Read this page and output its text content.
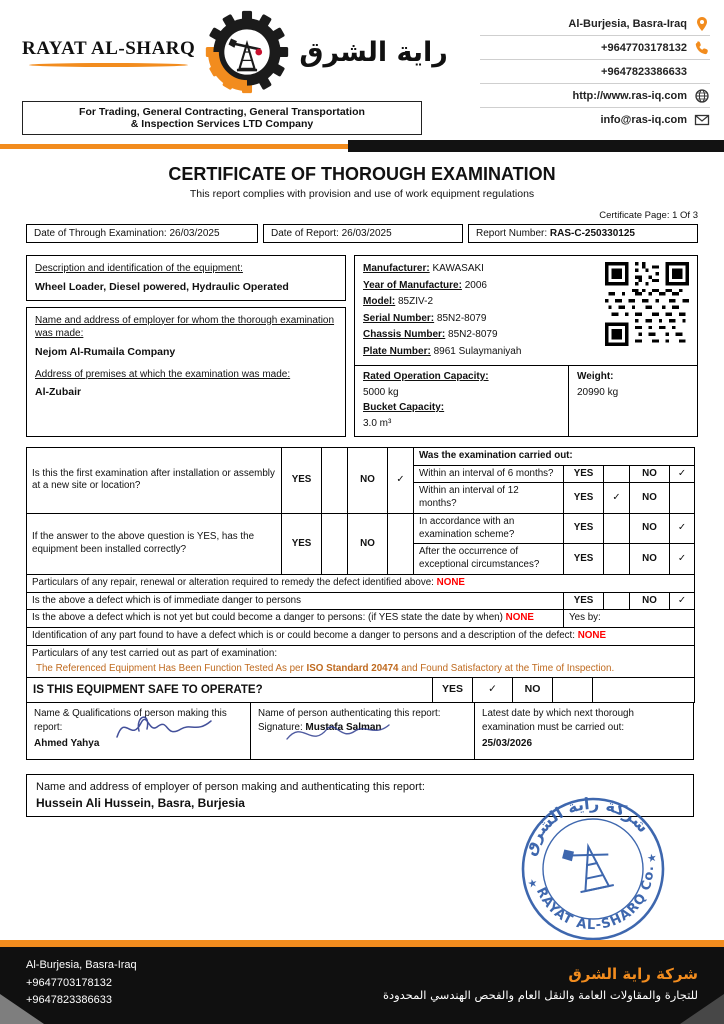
RAYAT AL-SHARQ	راية الشرق
For Trading, General Contracting, General Transportation
& Inspection Services LTD Company
Al-Burjesia, Basra-Iraq
+9647703178132
+9647823386633
http://www.ras-iq.com
info@ras-iq.com
CERTIFICATE OF THOROUGH EXAMINATION
This report complies with provision and use of work equipment regulations
Certificate Page: 1 Of 3
Date of Through Examination: 26/03/2025	Date of Report: 26/03/2025	Report Number: RAS-C-250330125
Description and identification of the equipment:
Wheel Loader, Diesel powered, Hydraulic Operated
Name and address of employer for whom the thorough examination was made:
Nejom Al-Rumaila Company
Address of premises at which the examination was made:
Al-Zubair
Manufacturer: KAWASAKI
Year of Manufacture: 2006
Model: 85ZIV-2
Serial Number: 85N2-8079
Chassis Number: 85N2-8079
Plate Number: 8961 Sulaymaniyah
Rated Operation Capacity:
5000 kg
Bucket Capacity:
3.0 m³
Weight:
20990 kg
Is this the first examination after installation or assembly at a new site or location?	YES		NO	✓	Was the examination carried out:				
					Within an interval of 6 months?	YES		NO	✓
					Within an interval of 12 months?	YES	✓	NO	
If the answer to the above question is YES, has the equipment been installed correctly?	YES		NO		In accordance with an examination scheme?	YES		NO	✓
					After the occurrence of exceptional circumstances?	YES		NO	✓
Particulars of any repair, renewal or alteration required to remedy the defect identified above: NONE									
Is the above a defect which is of immediate danger to persons						YES		NO	✓
Is the above a defect which is not yet but could become a danger to persons: (if YES state the date by when) NONE						Yes by:			
Identification of any part found to have a defect which is or could become a danger to persons and a description of the defect: NONE									

Particulars of any test carried out as part of examination:
The Referenced Equipment Has Been Function Tested As per ISO Standard 20474 and Found Satisfactory at the Time of Inspection.									

IS THIS EQUIPMENT SAFE TO OPERATE? YES ✓ NO									
Name & Qualifications of person making this report:
Ahmed Yahya
Name of person authenticating this report:
Signature: Mustafa Salman
Latest date by which next thorough examination must be carried out:
25/03/2026
Name and address of employer of person making and authenticating this report:
Hussein Ali Hussein, Basra, Burjesia
شركة راية الشرق
RAYAT AL-SHARQ Co.
★
★
Al-Burjesia, Basra-Iraq
+9647703178132
+9647823386633
شركة راية الشرق
للتجارة والمقاولات العامة والنقل العام والفحص الهندسي المحدودة
